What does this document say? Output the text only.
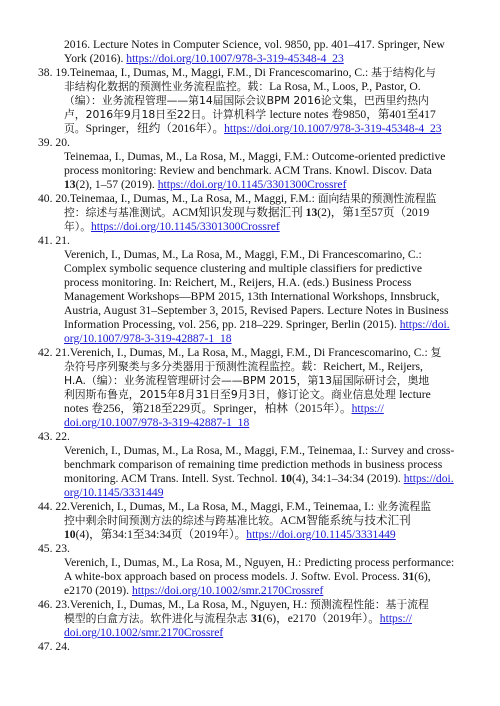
2016. Lecture Notes in Computer Science, vol. 9850, pp. 401–417. Springer, New
York (2016). https://doi.org/10.1007/978-3-319-45348-4_23
38. 19.Teinemaa, I., Dumas, M., Maggi, F.M., Di Francescomarino, C.: 基于结构化与
非结构化数据的预测性业务流程监控。载：La Rosa, M., Loos, P., Pastor, O.
（编）：业务流程管理——第14届国际会议BPM 2016论文集，巴西里约热内
卢，2016年9月18日至22日。计算机科学 lecture notes 卷9850，第401至417
页。Springer，纽约（2016年）。https://doi.org/10.1007/978-3-319-45348-4_23
39. 20.
Teinemaa, I., Dumas, M., La Rosa, M., Maggi, F.M.: Outcome-oriented predictive
process monitoring: Review and benchmark. ACM Trans. Knowl. Discov. Data
13(2), 1–57 (2019). https://doi.org/10.1145/3301300Crossref
40. 20.Teinemaa, I., Dumas, M., La Rosa, M., Maggi, F.M.: 面向结果的预测性流程监
控：综述与基准测试。ACM知识发现与数据汇刊 13(2)，第1至57页（2019
年）。https://doi.org/10.1145/3301300Crossref
41. 21.
Verenich, I., Dumas, M., La Rosa, M., Maggi, F.M., Di Francescomarino, C.:
Complex symbolic sequence clustering and multiple classifiers for predictive
process monitoring. In: Reichert, M., Reijers, H.A. (eds.) Business Process
Management Workshops—BPM 2015, 13th International Workshops, Innsbruck,
Austria, August 31–September 3, 2015, Revised Papers. Lecture Notes in Business
Information Processing, vol. 256, pp. 218–229. Springer, Berlin (2015). https://doi.
org/10.1007/978-3-319-42887-1_18
42. 21.Verenich, I., Dumas, M., La Rosa, M., Maggi, F.M., Di Francescomarino, C.: 复
杂符号序列聚类与多分类器用于预测性流程监控。载：Reichert, M., Reijers,
H.A.（编）：业务流程管理研讨会——BPM 2015，第13届国际研讨会，奥地
利因斯布鲁克，2015年8月31日至9月3日，修订论文。商业信息处理 lecture
notes 卷256，第218至229页。Springer，柏林（2015年）。https://
doi.org/10.1007/978-3-319-42887-1_18
43. 22.
Verenich, I., Dumas, M., La Rosa, M., Maggi, F.M., Teinemaa, I.: Survey and cross-
benchmark comparison of remaining time prediction methods in business process
monitoring. ACM Trans. Intell. Syst. Technol. 10(4), 34:1–34:34 (2019). https://doi.
org/10.1145/3331449
44. 22.Verenich, I., Dumas, M., La Rosa, M., Maggi, F.M., Teinemaa, I.: 业务流程监
控中剩余时间预测方法的综述与跨基准比较。ACM智能系统与技术汇刊
10(4)，第34:1至34:34页（2019年）。https://doi.org/10.1145/3331449
45. 23.
Verenich, I., Dumas, M., La Rosa, M., Nguyen, H.: Predicting process performance:
A white-box approach based on process models. J. Softw. Evol. Process. 31(6),
e2170 (2019). https://doi.org/10.1002/smr.2170Crossref
46. 23.Verenich, I., Dumas, M., La Rosa, M., Nguyen, H.: 预测流程性能：基于流程
模型的白盒方法。软件进化与流程杂志 31(6)，e2170（2019年）。https://
doi.org/10.1002/smr.2170Crossref
47. 24.
